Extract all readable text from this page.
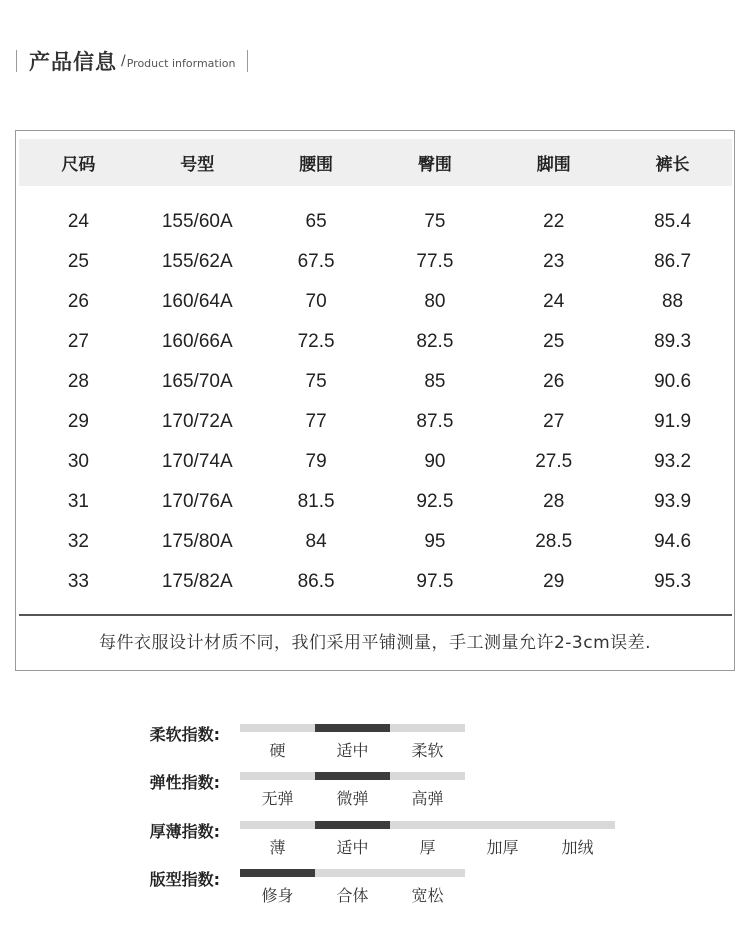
产品信息 / Product information
尺码	号型	腰围	臀围	脚围	裤长
24	155/60A	65	75	22	85.4
25	155/62A	67.5	77.5	23	86.7
26	160/64A	70	80	24	88
27	160/66A	72.5	82.5	25	89.3
28	165/70A	75	85	26	90.6
29	170/72A	77	87.5	27	91.9
30	170/74A	79	90	27.5	93.2
31	170/76A	81.5	92.5	28	93.9
32	175/80A	84	95	28.5	94.6
33	175/82A	86.5	97.5	29	95.3
每件衣服设计材质不同，我们采用平铺测量，手工测量允许2-3cm误差.
柔软指数:
硬	适中	柔软
弹性指数:
无弹	微弹	高弹
厚薄指数:
薄	适中	厚	加厚	加绒
版型指数:
修身	合体	宽松
